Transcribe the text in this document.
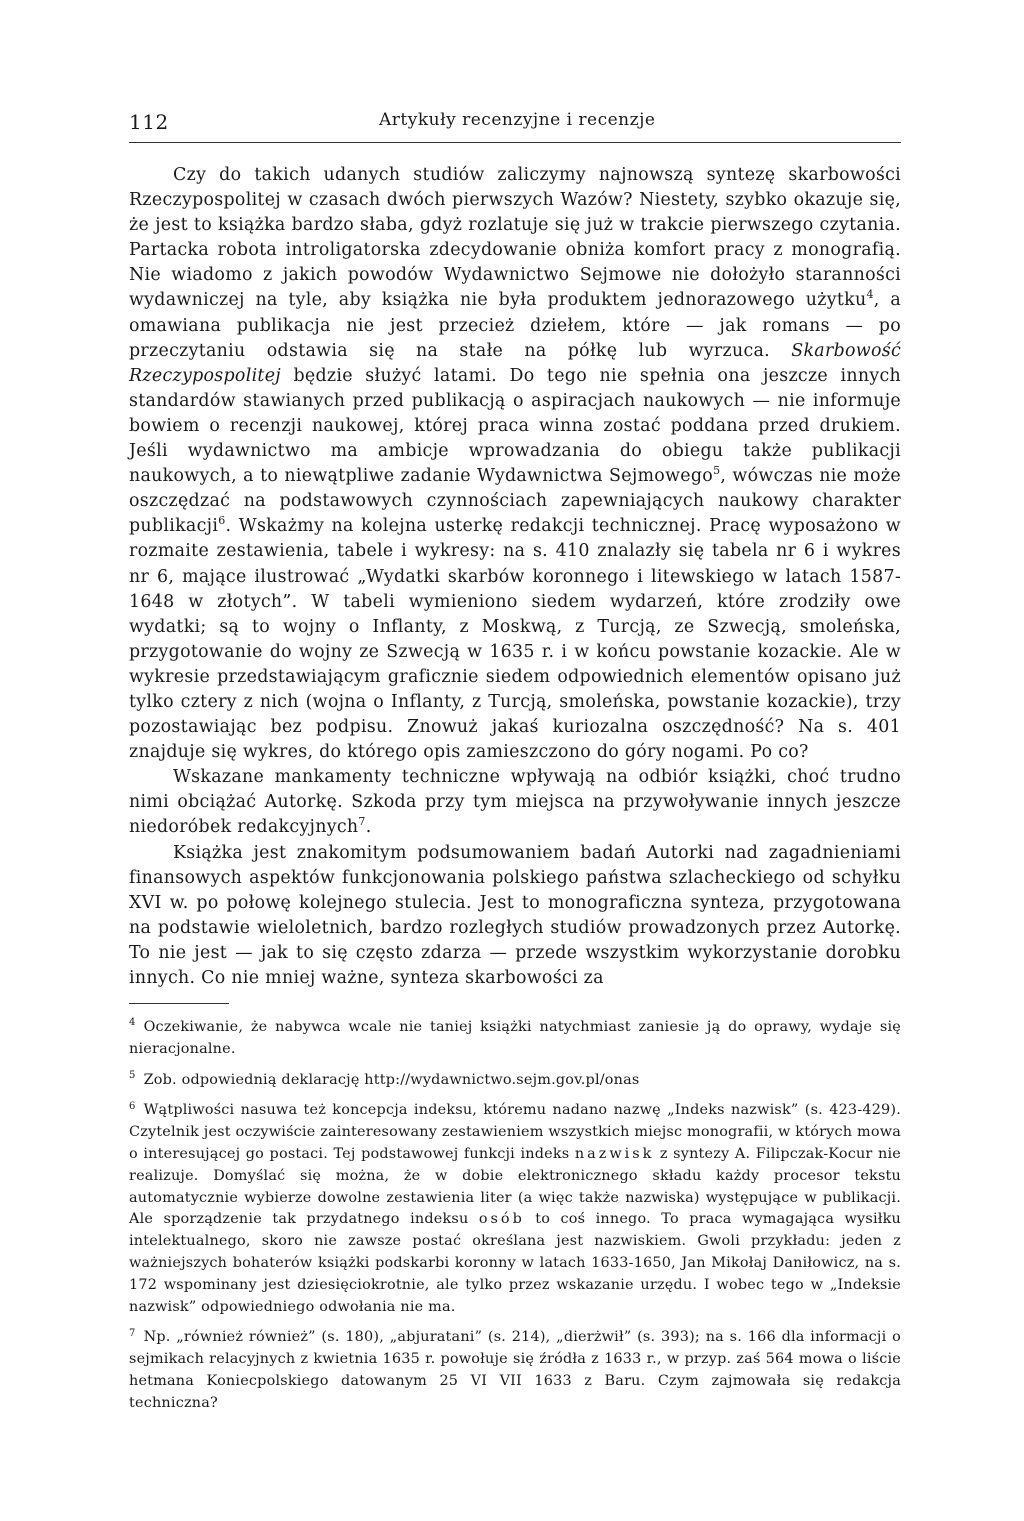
112	Artykuły recenzyjne i recenzje

Czy do takich udanych studiów zaliczymy najnowszą syntezę skarbowości Rzeczypospolitej w czasach dwóch pierwszych Wazów? Niestety, szybko okazuje się, że jest to książka bardzo słaba, gdyż rozlatuje się już w trakcie pierwszego czytania. Partacka robota introligatorska zdecydowanie obniża komfort pracy z monografią. Nie wiadomo z jakich powodów Wydawnictwo Sejmowe nie dołożyło staranności wydawniczej na tyle, aby książka nie była produktem jednorazowego użytku$^4$, a omawiana publikacja nie jest przecież dziełem, które — jak romans — po przeczytaniu odstawia się na stałe na półkę lub wyrzuca. Skarbowość Rzeczypospolitej będzie służyć latami. Do tego nie spełnia ona jeszcze innych standardów stawianych przed publikacją o aspiracjach naukowych — nie informuje bowiem o recenzji naukowej, której praca winna zostać poddana przed drukiem. Jeśli wydawnictwo ma ambicje wprowadzania do obiegu także publikacji naukowych, a to niewątpliwe zadanie Wydawnictwa Sejmowego$^5$, wówczas nie może oszczędzać na podstawowych czynnościach zapewniających naukowy charakter publikacji$^6$. Wskażmy na kolejna usterkę redakcji technicznej. Pracę wyposażono w rozmaite zestawienia, tabele i wykresy: na s. 410 znalazły się tabela nr 6 i wykres nr 6, mające ilustrować „Wydatki skarbów koronnego i litewskiego w latach 1587-1648 w złotych”. W tabeli wymieniono siedem wydarzeń, które zrodziły owe wydatki; są to wojny o Inflanty, z Moskwą, z Turcją, ze Szwecją, smoleńska, przygotowanie do wojny ze Szwecją w 1635 r. i w końcu powstanie kozackie. Ale w wykresie przedstawiającym graficznie siedem odpowiednich elementów opisano już tylko cztery z nich (wojna o Inflanty, z Turcją, smoleńska, powstanie kozackie), trzy pozostawiając bez podpisu. Znowuż jakaś kuriozalna oszczędność? Na s. 401 znajduje się wykres, do którego opis zamieszczono do góry nogami. Po co?

Wskazane mankamenty techniczne wpływają na odbiór książki, choć trudno nimi obciążać Autorkę. Szkoda przy tym miejsca na przywoływanie innych jeszcze niedoróbek redakcyjnych$^7$.

Książka jest znakomitym podsumowaniem badań Autorki nad zagadnieniami finansowych aspektów funkcjonowania polskiego państwa szlacheckiego od schyłku XVI w. po połowę kolejnego stulecia. Jest to monograficzna synteza, przygotowana na podstawie wieloletnich, bardzo rozległych studiów prowadzonych przez Autorkę. To nie jest — jak to się często zdarza — przede wszystkim wykorzystanie dorobku innych. Co nie mniej ważne, synteza skarbowości za

$^4$ Oczekiwanie, że nabywca wcale nie taniej książki natychmiast zaniesie ją do oprawy, wydaje się nieracjonalne.

$^5$ Zob. odpowiednią deklarację http://wydawnictwo.sejm.gov.pl/onas

$^6$ Wątpliwości nasuwa też koncepcja indeksu, któremu nadano nazwę „Indeks nazwisk” (s. 423-429). Czytelnik jest oczywiście zainteresowany zestawieniem wszystkich miejsc monografii, w których mowa o interesującej go postaci. Tej podstawowej funkcji indeks nazwisk z syntezy A. Filipczak-Kocur nie realizuje. Domyślać się można, że w dobie elektronicznego składu każdy procesor tekstu automatycznie wybierze dowolne zestawienia liter (a więc także nazwiska) występujące w publikacji. Ale sporządzenie tak przydatnego indeksu osób to coś innego. To praca wymagająca wysiłku intelektualnego, skoro nie zawsze postać określana jest nazwiskiem. Gwoli przykładu: jeden z ważniejszych bohaterów książki podskarbi koronny w latach 1633-1650, Jan Mikołaj Daniłowicz, na s. 172 wspominany jest dziesięciokrotnie, ale tylko przez wskazanie urzędu. I wobec tego w „Indeksie nazwisk” odpowiedniego odwołania nie ma.

$^7$ Np. „również również” (s. 180), „abjuratani” (s. 214), „dierżwił” (s. 393); na s. 166 dla informacji o sejmikach relacyjnych z kwietnia 1635 r. powołuje się źródła z 1633 r., w przyp. zaś 564 mowa o liście hetmana Koniecpolskiego datowanym 25 VI VII 1633 z Baru. Czym zajmowała się redakcja techniczna?
